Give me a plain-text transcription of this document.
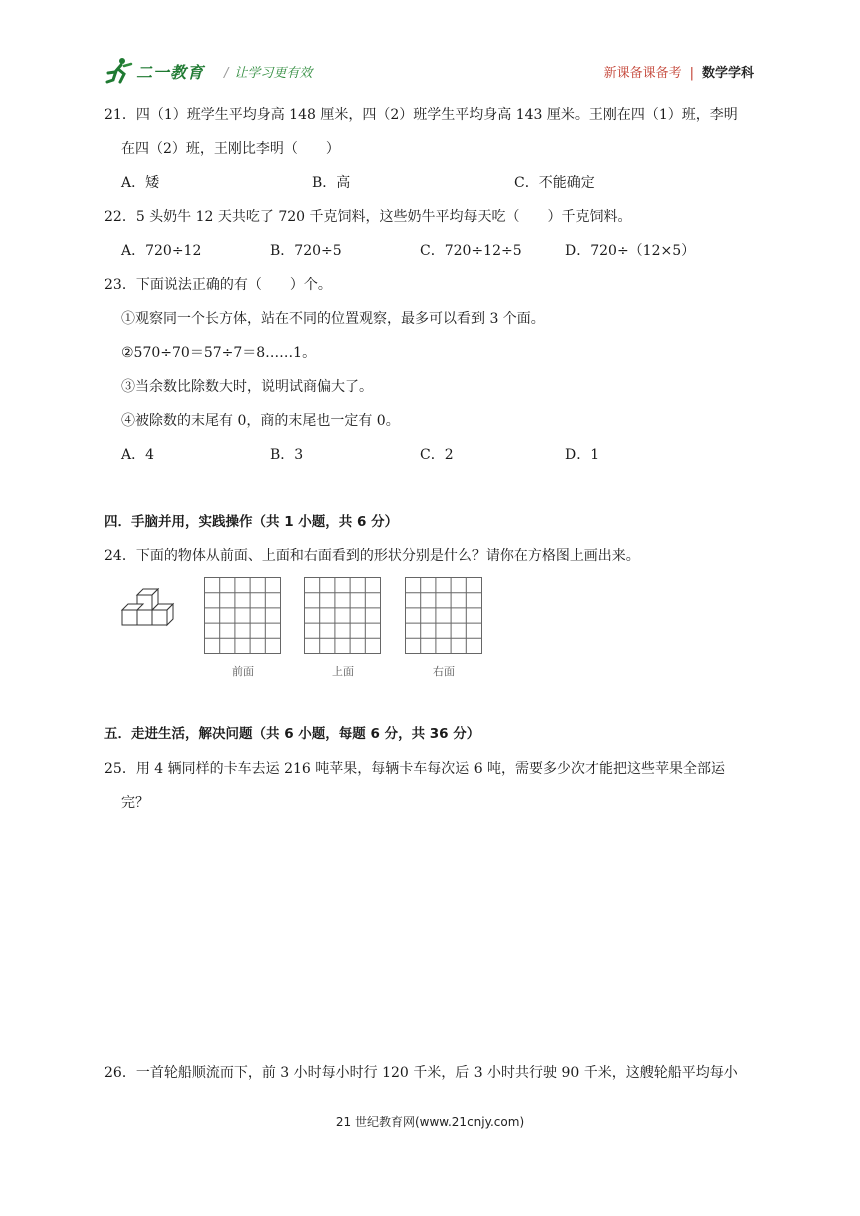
二一教育 / 让学习更有效	新课备课备考 | 数学学科
21．四（1）班学生平均身高 148 厘米，四（2）班学生平均身高 143 厘米。王刚在四（1）班，李明
在四（2）班，王刚比李明（　　）
A．矮	B．高	C．不能确定
22．5 头奶牛 12 天共吃了 720 千克饲料，这些奶牛平均每天吃（　　）千克饲料。
A．720÷12	B．720÷5	C．720÷12÷5	D．720÷（12×5）
23．下面说法正确的有（　　）个。
①观察同一个长方体，站在不同的位置观察，最多可以看到 3 个面。
②570÷70＝57÷7＝8……1。
③当余数比除数大时，说明试商偏大了。
④被除数的末尾有 0，商的末尾也一定有 0。
A．4	B．3	C．2	D．1
四．手脑并用，实践操作（共 1 小题，共 6 分）
24．下面的物体从前面、上面和右面看到的形状分别是什么？请你在方格图上画出来。
前面	上面	右面
五．走进生活，解决问题（共 6 小题，每题 6 分，共 36 分）
25．用 4 辆同样的卡车去运 216 吨苹果，每辆卡车每次运 6 吨，需要多少次才能把这些苹果全部运
完？
26．一首轮船顺流而下，前 3 小时每小时行 120 千米，后 3 小时共行驶 90 千米，这艘轮船平均每小
21 世纪教育网(www.21cnjy.com)
